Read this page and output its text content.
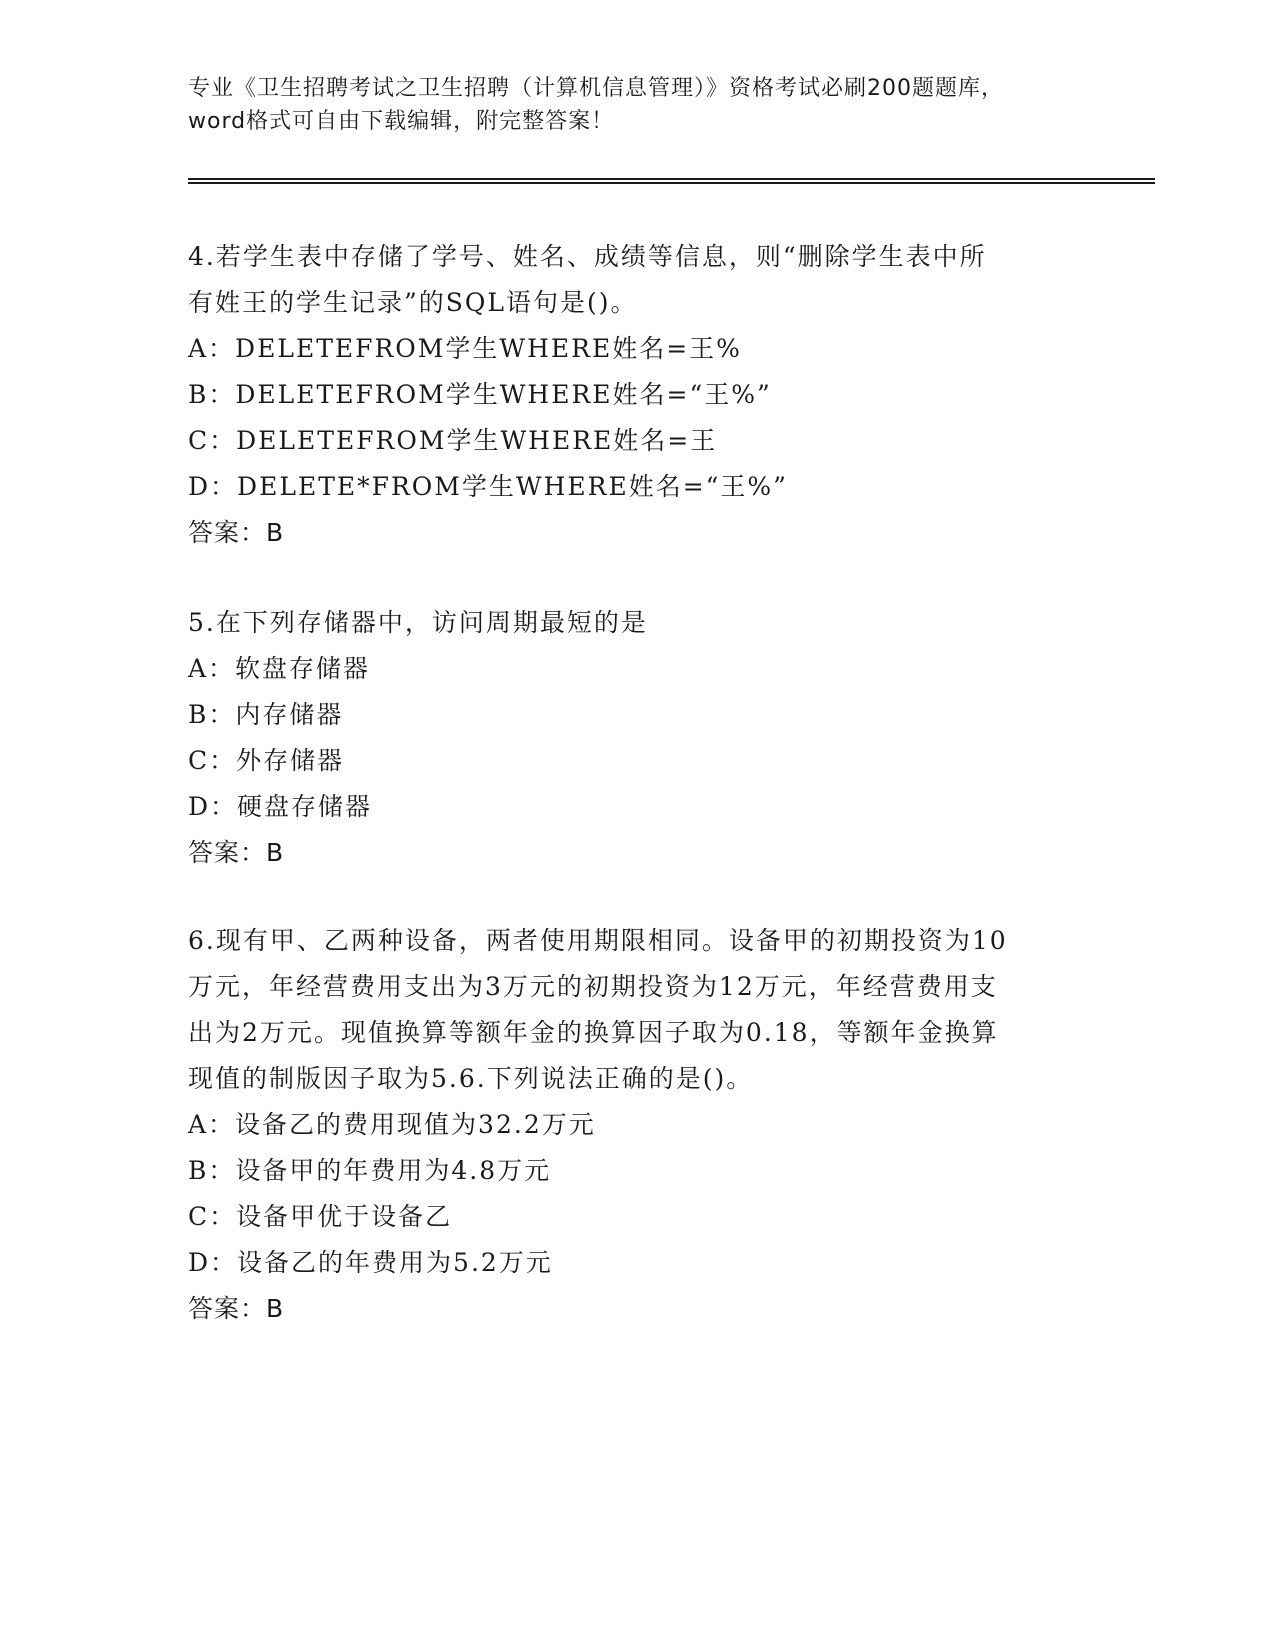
专业《卫生招聘考试之卫生招聘（计算机信息管理）》资格考试必刷200题题库，
word格式可自由下载编辑，附完整答案！
4.若学生表中存储了学号、姓名、成绩等信息，则“删除学生表中所
有姓王的学生记录”的SQL语句是()。
A：DELETEFROM学生WHERE姓名=王%
B：DELETEFROM学生WHERE姓名=“王%”
C：DELETEFROM学生WHERE姓名=王
D：DELETE*FROM学生WHERE姓名=“王%”
答案：B
5.在下列存储器中，访问周期最短的是
A：软盘存储器
B：内存储器
C：外存储器
D：硬盘存储器
答案：B
6.现有甲、乙两种设备，两者使用期限相同。设备甲的初期投资为10
万元，年经营费用支出为3万元的初期投资为12万元，年经营费用支
出为2万元。现值换算等额年金的换算因子取为0.18，等额年金换算
现值的制版因子取为5.6.下列说法正确的是()。
A：设备乙的费用现值为32.2万元
B：设备甲的年费用为4.8万元
C：设备甲优于设备乙
D：设备乙的年费用为5.2万元
答案：B
